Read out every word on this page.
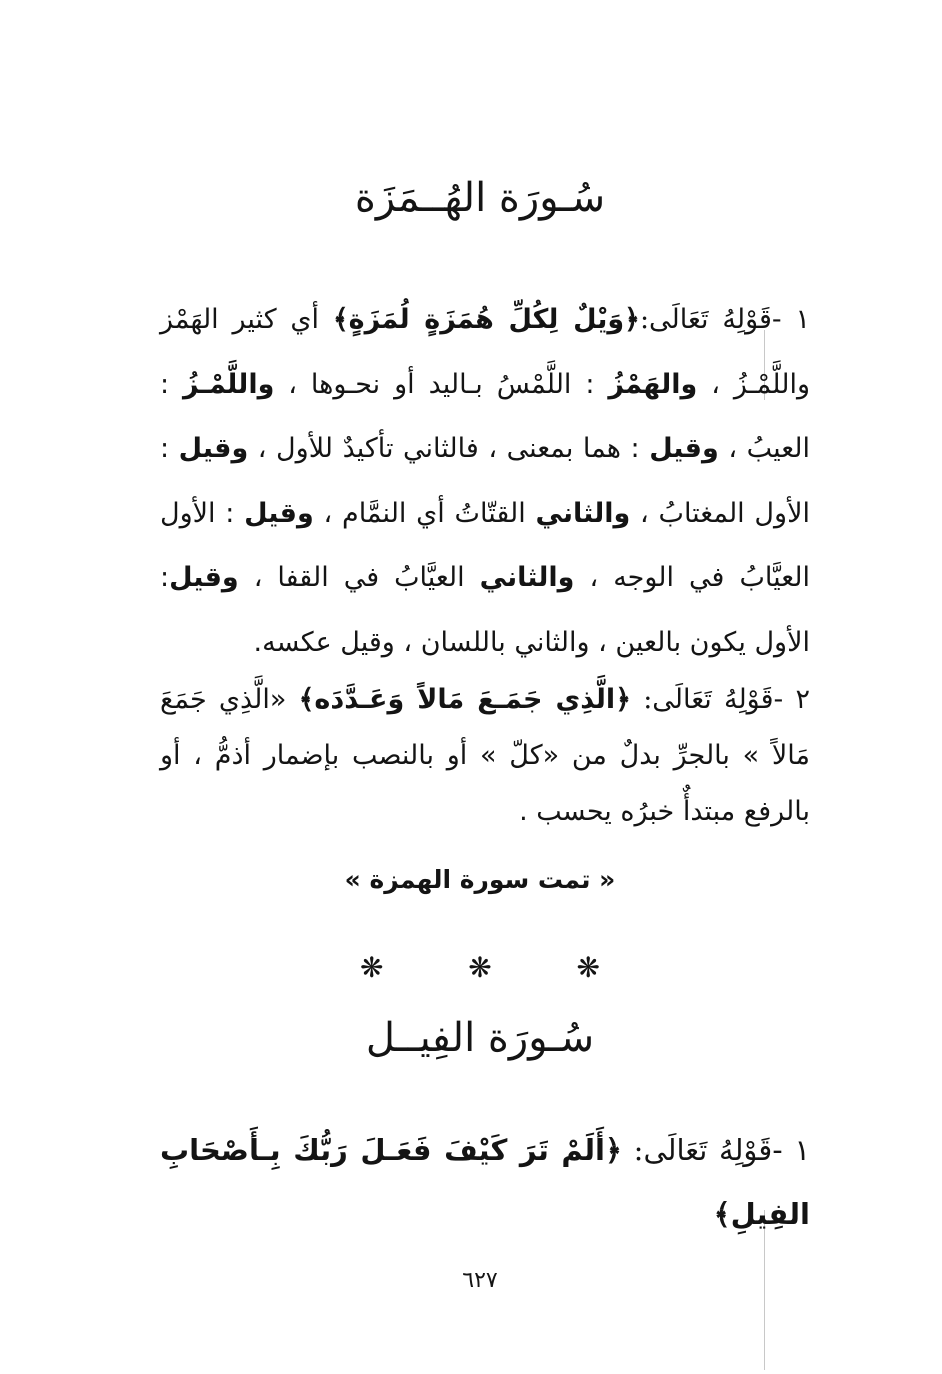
سُـورَة الهُــمَزَة

١ -قَوْلِهُ تَعَالَى:﴿وَيْلٌ لِكُلِّ هُمَزَةٍ لُمَزَةٍ﴾ أي كثير الهَمْز واللَّمْـزُ ، والهَمْزُ : اللَّمْسُ بـاليد أو نحـوها ، واللَّمْـزُ : العيبُ ، وقيل : هما بمعنى ، فالثاني تأكيدٌ للأول ، وقيل : الأول المغتابُ ، والثاني القتّاتُ أي النمَّام ، وقيل : الأول العيَّابُ في الوجه ، والثاني العيَّابُ في القفا ، وقيل: الأول يكون بالعين ، والثاني باللسان ، وقيل عكسه.

٢ -قَوْلِهُ تَعَالَى: ﴿الَّذِي جَمَـعَ مَالاً وَعَـدَّدَه﴾ «الَّذِي جَمَعَ مَالاً » بالجرِّ بدلٌ من «كلّ » أو بالنصب بإضمار أذمُّ ، أو بالرفع مبتدأٌ خبرُه يحسب .

« تمت سورة الهمزة »
❋
❋
❋
سُـورَة الفِيــل

١ -قَوْلِهُ تَعَالَى: ﴿أَلَمْ تَرَ كَيْفَ فَعَـلَ رَبُّكَ بِـأَصْحَابِ الفِيلِ﴾

٦٢٧
